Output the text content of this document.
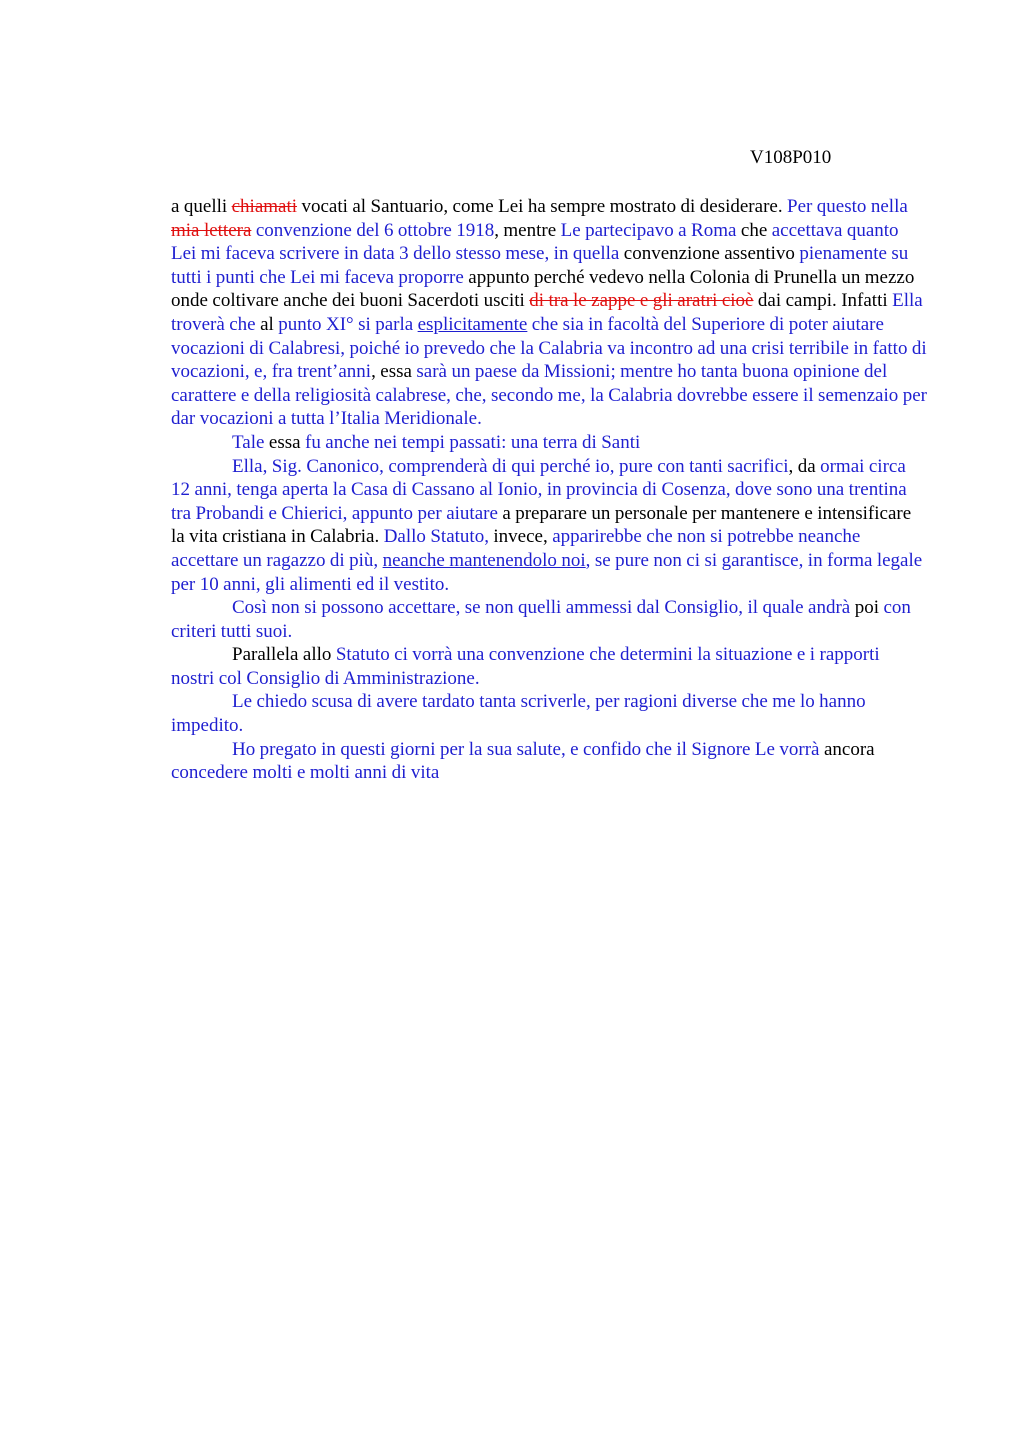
V108P010

a quelli chiamati vocati al Santuario, come Lei ha sempre mostrato di desiderare. Per questo nella mia lettera convenzione del 6 ottobre 1918, mentre Le partecipavo a Roma che accettava quanto Lei mi faceva scrivere in data 3 dello stesso mese, in quella convenzione assentivo pienamente su tutti i punti che Lei mi faceva proporre appunto perché vedevo nella Colonia di Prunella un mezzo onde coltivare anche dei buoni Sacerdoti usciti di tra le zappe e gli aratri cioè dai campi. Infatti Ella troverà che al punto XI° si parla esplicitamente che sia in facoltà del Superiore di poter aiutare vocazioni di Calabresi, poiché io prevedo che la Calabria va incontro ad una crisi terribile in fatto di vocazioni, e, fra trent’anni, essa sarà un paese da Missioni; mentre ho tanta buona opinione del carattere e della religiosità calabrese, che, secondo me, la Calabria dovrebbe essere il semenzaio per dar vocazioni a tutta l’Italia Meridionale.

Tale essa fu anche nei tempi passati: una terra di Santi

Ella, Sig. Canonico, comprenderà di qui perché io, pure con tanti sacrifici, da ormai circa 12 anni, tenga aperta la Casa di Cassano al Ionio, in provincia di Cosenza, dove sono una trentina tra Probandi e Chierici, appunto per aiutare a preparare un personale per mantenere e intensificare la vita cristiana in Calabria. Dallo Statuto, invece, apparirebbe che non si potrebbe neanche accettare un ragazzo di più, neanche mantenendolo noi, se pure non ci si garantisce, in forma legale per 10 anni, gli alimenti ed il vestito.

Così non si possono accettare, se non quelli ammessi dal Consiglio, il quale andrà poi con criteri tutti suoi.

Parallela allo Statuto ci vorrà una convenzione che determini la situazione e i rapporti nostri col Consiglio di Amministrazione.

Le chiedo scusa di avere tardato tanta scriverle, per ragioni diverse che me lo hanno impedito.

Ho pregato in questi giorni per la sua salute, e confido che il Signore Le vorrà ancora concedere molti e molti anni di vita
